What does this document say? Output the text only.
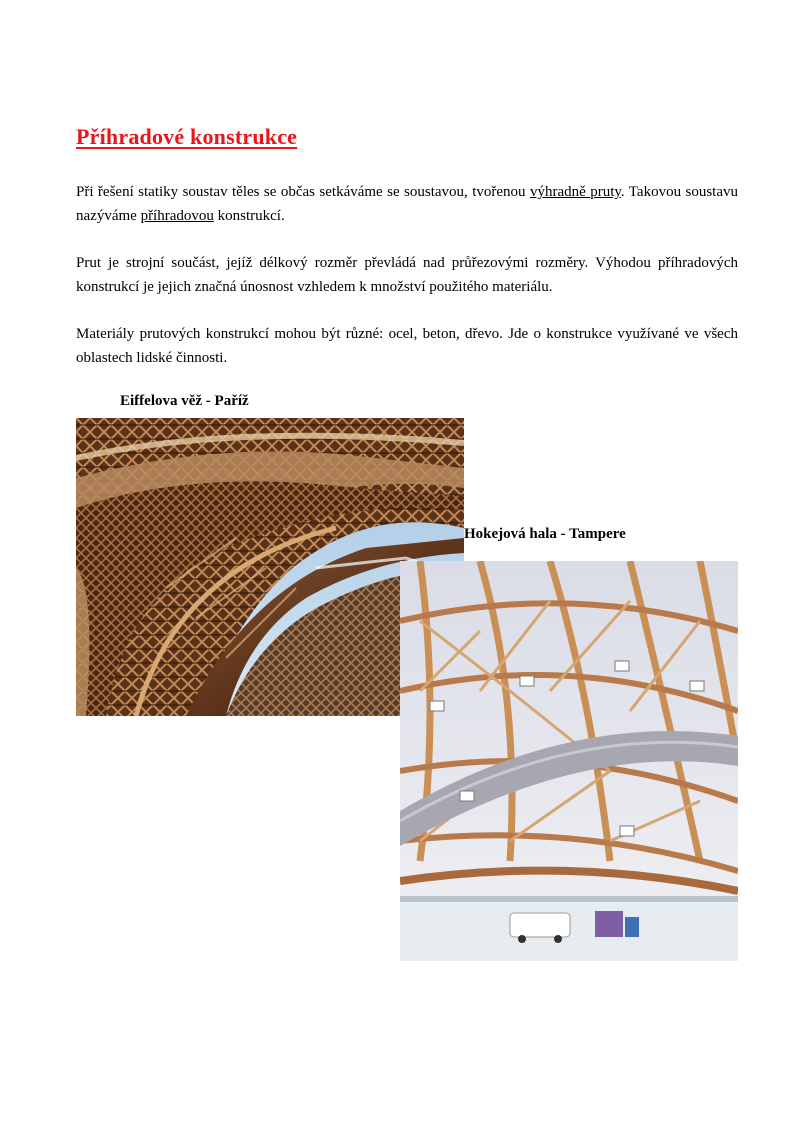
Příhradové konstrukce

Při řešení statiky soustav těles se občas setkáváme se soustavou, tvořenou výhradně pruty. Takovou soustavu nazýváme příhradovou konstrukcí.

Prut je strojní součást, jejíž délkový rozměr převládá nad průřezovými rozměry. Výhodou příhradových konstrukcí je jejich značná únosnost vzhledem k množství použitého materiálu.

Materiály prutových konstrukcí mohou být různé: ocel, beton, dřevo. Jde o konstrukce využívané ve všech oblastech lidské činnosti.

Eiffelova věž - Paříž

Hokejová hala - Tampere
